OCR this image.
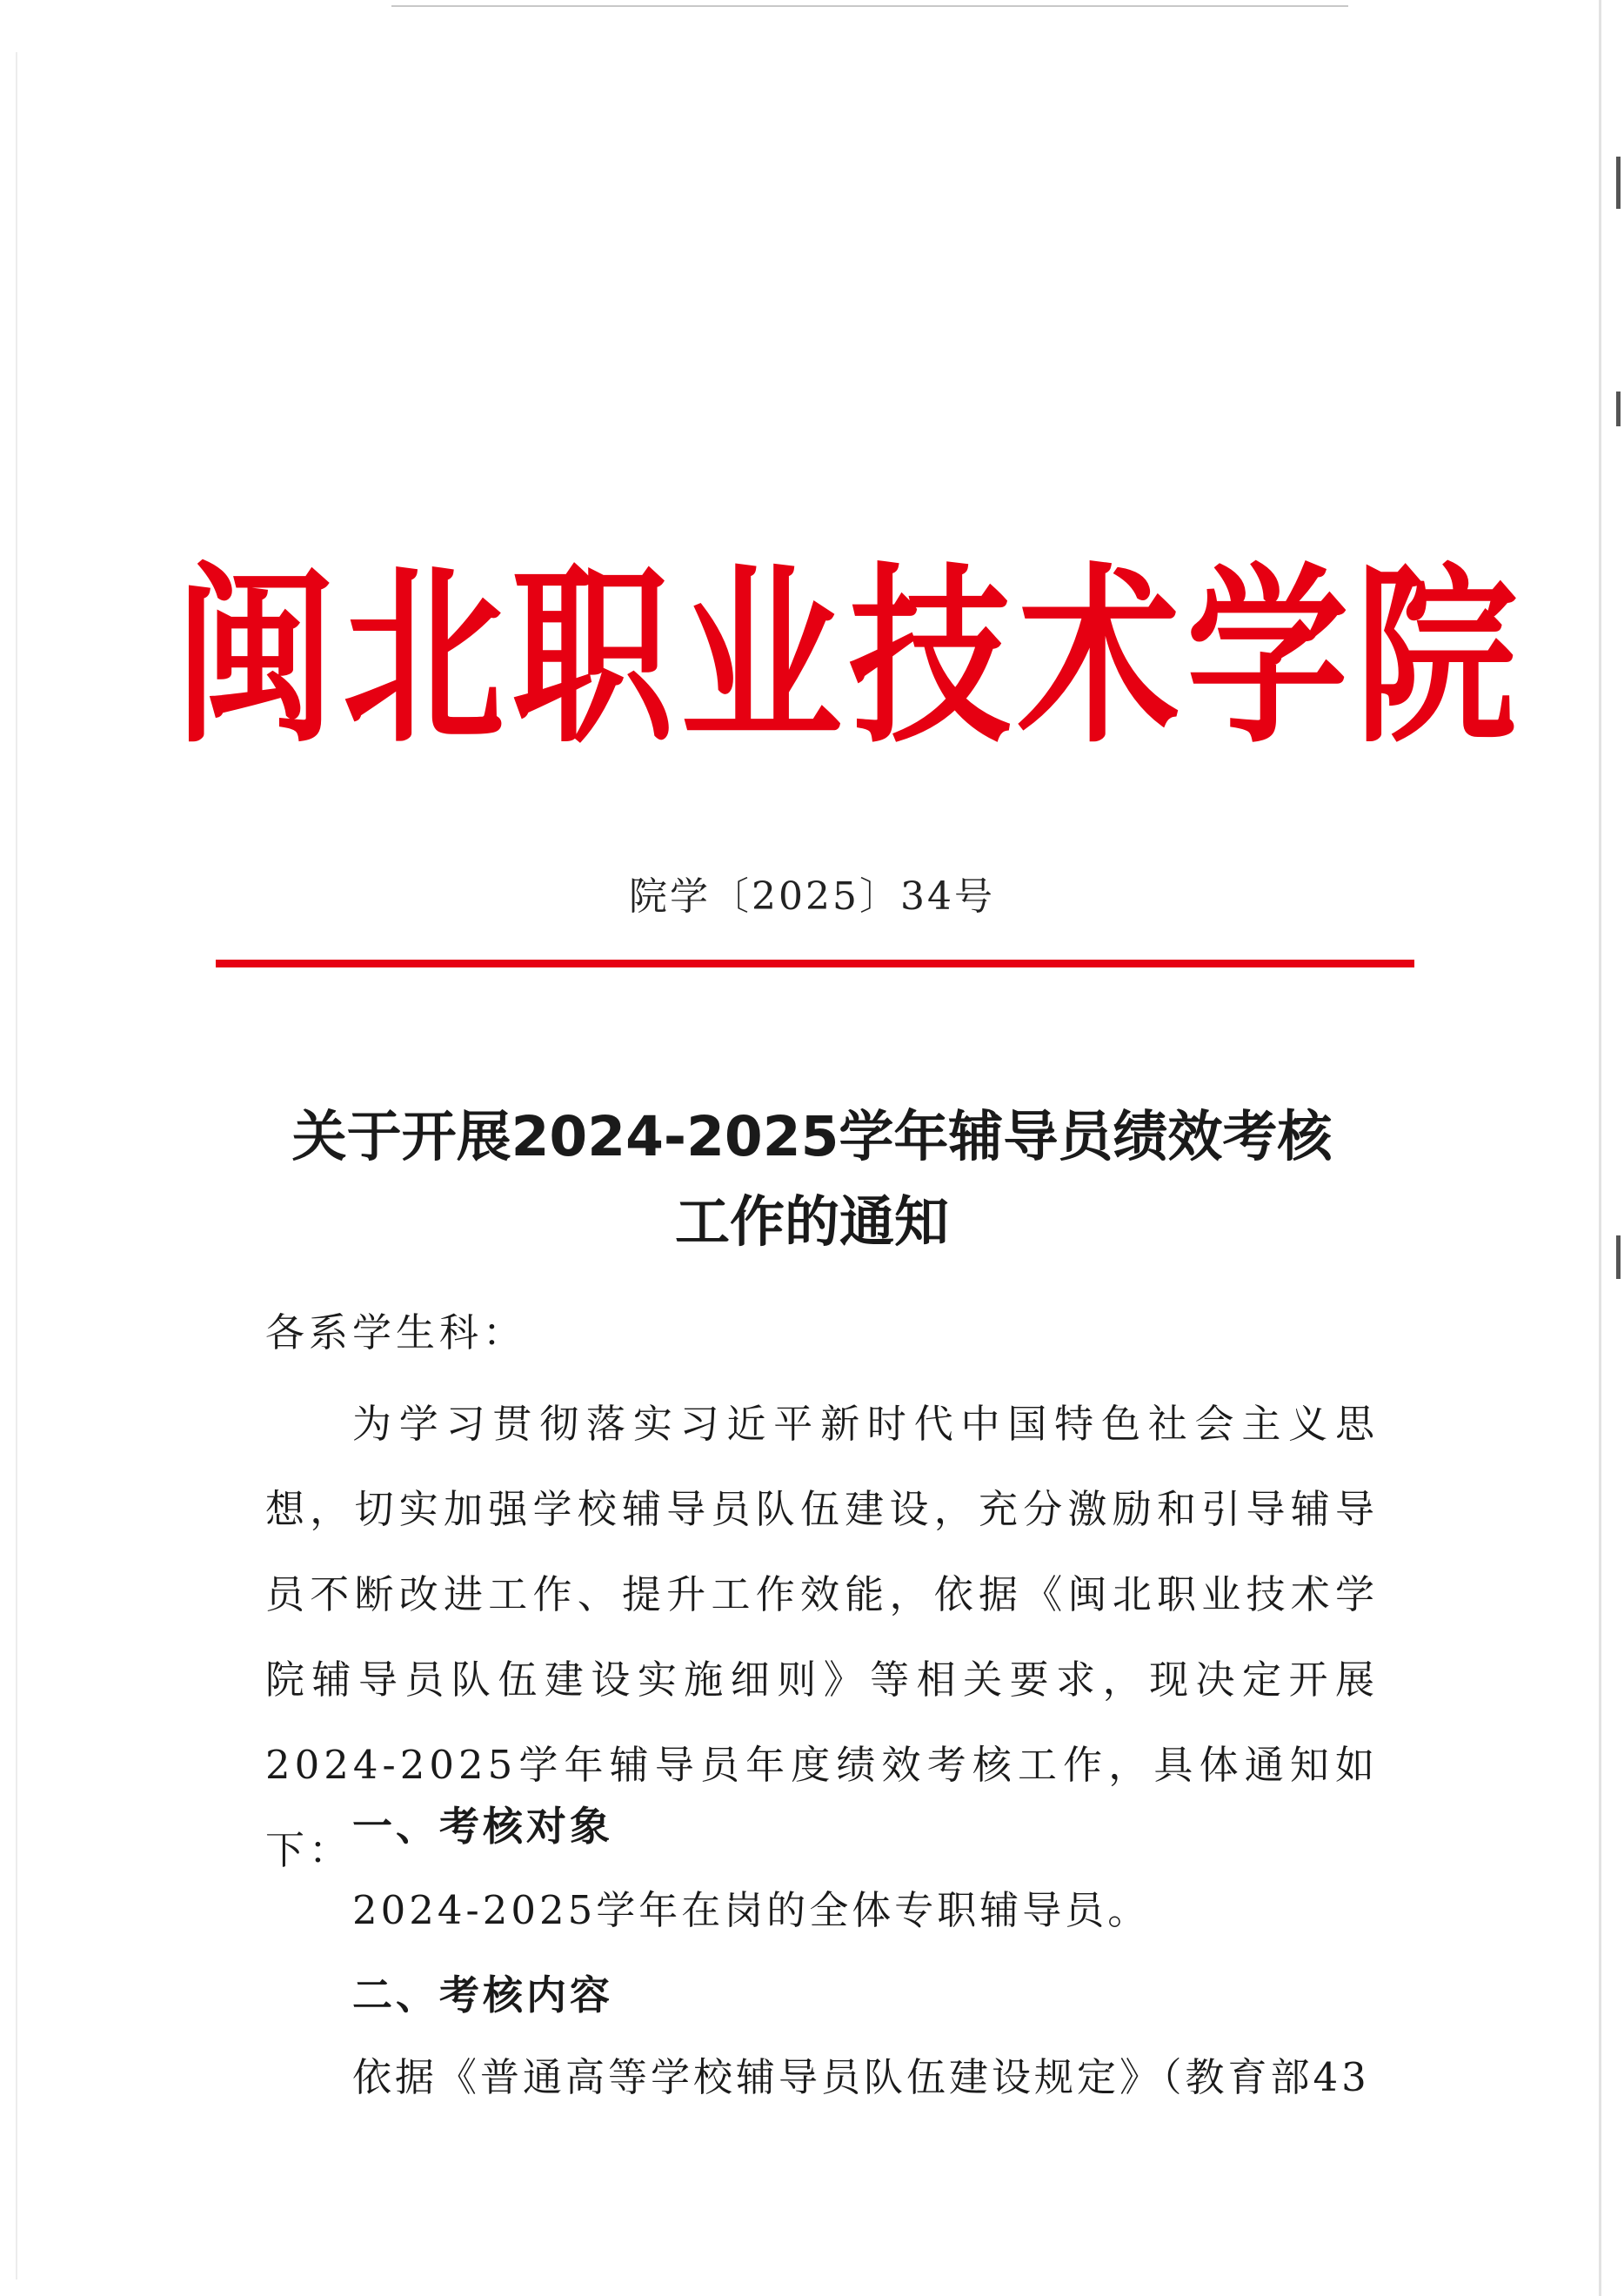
闽北职业技术学院
院学〔2025〕34号
关于开展2024-2025学年辅导员绩效考核
工作的通知
各系学生科：
为学习贯彻落实习近平新时代中国特色社会主义思想，切实加强学校辅导员队伍建设，充分激励和引导辅导员不断改进工作、提升工作效能，依据《闽北职业技术学院辅导员队伍建设实施细则》等相关要求，现决定开展2024-2025学年辅导员年度绩效考核工作，具体通知如下：
一、考核对象
2024-2025学年在岗的全体专职辅导员。
二、考核内容
依据《普通高等学校辅导员队伍建设规定》（教育部43
